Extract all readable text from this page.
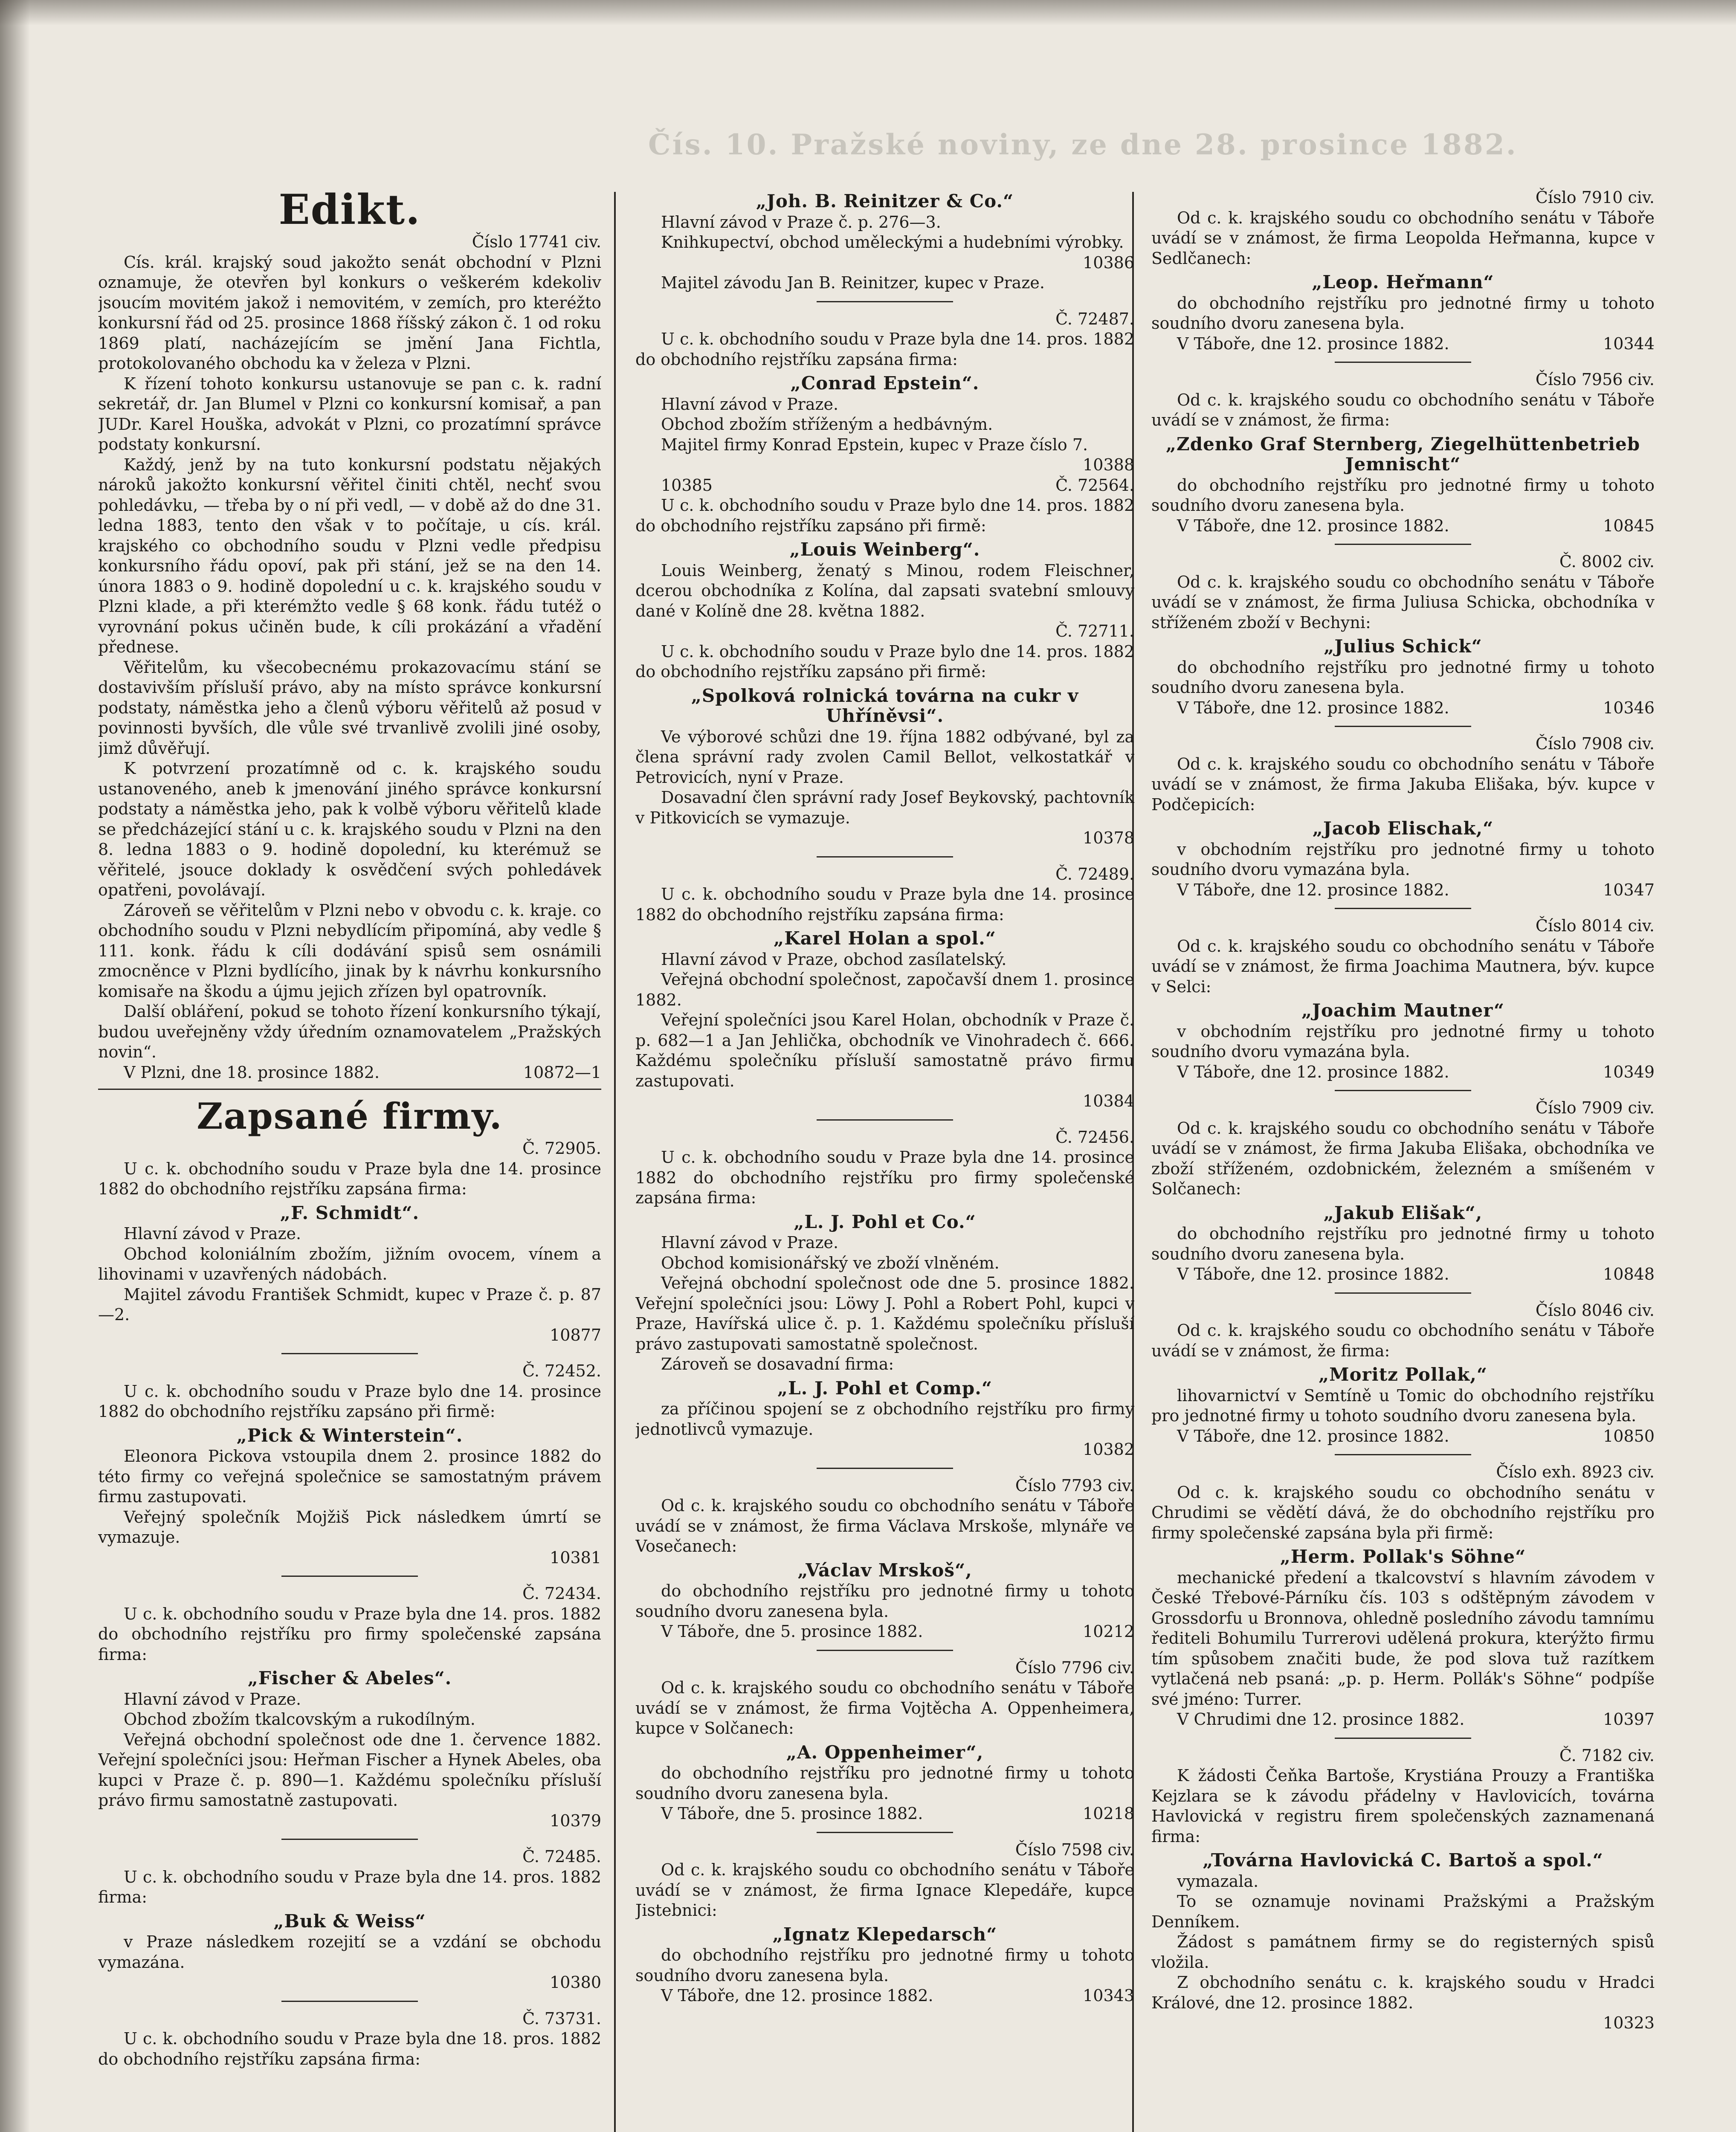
Čís. 10. Pražské noviny, ze dne 28. prosince 1882.

Edikt.

Číslo 17741 civ.

Cís. král. krajský soud jakožto senát obchodní v Plzni oznamuje, že otevřen byl konkurs o veškerém kdekoliv jsoucím movitém jakož i nemovitém, v zemích, pro kteréžto konkursní řád od 25. prosince 1868 říšský zákon č. 1 od roku 1869 platí, nacházejícím se jmění Jana Fichtla, protokolovaného obchodu ka v železa v Plzni.

K řízení tohoto konkursu ustanovuje se pan c. k. radní sekretář, dr. Jan Blumel v Plzni co konkursní komisař, a pan JUDr. Karel Houška, advokát v Plzni, co prozatímní správce podstaty konkursní.

Každý, jenž by na tuto konkursní podstatu nějakých nároků jakožto konkursní věřitel činiti chtěl, nechť svou pohledávku, — třeba by o ní při vedl, — v době až do dne 31. ledna 1883, tento den však v to počítaje, u cís. král. krajského co obchodního soudu v Plzni vedle předpisu konkursního řádu opoví, pak při stání, jež se na den 14. února 1883 o 9. hodině dopolední u c. k. krajského soudu v Plzni klade, a při kterémžto vedle § 68 konk. řádu tutéž o vyrovnání pokus učiněn bude, k cíli prokázání a vřadění přednese.

Věřitelům, ku všecobecnému prokazovacímu stání se dostavivším přísluší právo, aby na místo správce konkursní podstaty, náměstka jeho a členů výboru věřitelů až posud v povinnosti byvších, dle vůle své trvanlivě zvolili jiné osoby, jimž důvěřují.

K potvrzení prozatímně od c. k. krajského soudu ustanoveného, aneb k jmenování jiného správce konkursní podstaty a náměstka jeho, pak k volbě výboru věřitelů klade se předcházející stání u c. k. krajského soudu v Plzni na den 8. ledna 1883 o 9. hodině dopolední, ku kterémuž se věřitelé, jsouce doklady k osvědčení svých pohledávek opatřeni, povolávají.

Zároveň se věřitelům v Plzni nebo v obvodu c. k. kraje. co obchodního soudu v Plzni nebydlícím připomíná, aby vedle § 111. konk. řádu k cíli dodávání spisů sem osnámili zmocněnce v Plzni bydlícího, jinak by k návrhu konkursního komisaře na škodu a újmu jejich zřízen byl opatrovník.

Další obláření, pokud se tohoto řízení konkursního týkají, budou uveřejněny vždy úředním oznamovatelem „Pražských novin“.

V Plzni, dne 18. prosince 1882.	10872—1

Zapsané firmy.

Č. 72905.

U c. k. obchodního soudu v Praze byla dne 14. prosince 1882 do obchodního rejstříku zapsána firma:

„F. Schmidt“.

Hlavní závod v Praze.

Obchod koloniálním zbožím, jižním ovocem, vínem a lihovinami v uzavřených nádobách.

Majitel závodu František Schmidt, kupec v Praze č. p. 87—2.

10877

Č. 72452.

U c. k. obchodního soudu v Praze bylo dne 14. prosince 1882 do obchodního rejstříku zapsáno při firmě:

„Pick & Winterstein“.

Eleonora Pickova vstoupila dnem 2. prosince 1882 do této firmy co veřejná společnice se samostatným právem firmu zastupovati.

Veřejný společník Mojžiš Pick následkem úmrtí se vymazuje.

10381

Č. 72434.

U c. k. obchodního soudu v Praze byla dne 14. pros. 1882 do obchodního rejstříku pro firmy společenské zapsána firma:

„Fischer & Abeles“.

Hlavní závod v Praze.

Obchod zbožím tkalcovským a rukodílným.

Veřejná obchodní společnost ode dne 1. července 1882. Veřejní společníci jsou: Heřman Fischer a Hynek Abeles, oba kupci v Praze č. p. 890—1. Každému společníku přísluší právo firmu samostatně zastupovati.

10379

Č. 72485.

U c. k. obchodního soudu v Praze byla dne 14. pros. 1882 firma:

„Buk & Weiss“

v Praze následkem rozejití se a vzdání se obchodu vymazána.

10380

Č. 73731.

U c. k. obchodního soudu v Praze byla dne 18. pros. 1882 do obchodního rejstříku zapsána firma:

„Joh. B. Reinitzer & Co.“

Hlavní závod v Praze č. p. 276—3.

Knihkupectví, obchod uměleckými a hudebními výrobky.

10386

Majitel závodu Jan B. Reinitzer, kupec v Praze.

Č. 72487.

U c. k. obchodního soudu v Praze byla dne 14. pros. 1882 do obchodního rejstříku zapsána firma:

„Conrad Epstein“.

Hlavní závod v Praze.

Obchod zbožím stříženým a hedbávným.

Majitel firmy Konrad Epstein, kupec v Praze číslo 7.

10388

10385	Č. 72564.

U c. k. obchodního soudu v Praze bylo dne 14. pros. 1882 do obchodního rejstříku zapsáno při firmě:

„Louis Weinberg“.

Louis Weinberg, ženatý s Minou, rodem Fleischner, dcerou obchodníka z Kolína, dal zapsati svatební smlouvy dané v Kolíně dne 28. května 1882.

Č. 72711.

U c. k. obchodního soudu v Praze bylo dne 14. pros. 1882 do obchodního rejstříku zapsáno při firmě:

„Spolková rolnická továrna na cukr v Uhříněvsi“.

Ve výborové schůzi dne 19. října 1882 odbývané, byl za člena správní rady zvolen Camil Bellot, velkostatkář v Petrovicích, nyní v Praze.

Dosavadní člen správní rady Josef Beykovský, pachtovník v Pitkovicích se vymazuje.

10378

Č. 72489.

U c. k. obchodního soudu v Praze byla dne 14. prosince 1882 do obchodního rejstříku zapsána firma:

„Karel Holan a spol.“

Hlavní závod v Praze, obchod zasílatelský.

Veřejná obchodní společnost, započavší dnem 1. prosince 1882.

Veřejní společníci jsou Karel Holan, obchodník v Praze č. p. 682—1 a Jan Jehlička, obchodník ve Vinohradech č. 666. Každému společníku přísluší samostatně právo firmu zastupovati.

10384

Č. 72456.

U c. k. obchodního soudu v Praze byla dne 14. prosince 1882 do obchodního rejstříku pro firmy společenské zapsána firma:

„L. J. Pohl et Co.“

Hlavní závod v Praze.

Obchod komisionářský ve zboží vlněném.

Veřejná obchodní společnost ode dne 5. prosince 1882. Veřejní společníci jsou: Löwy J. Pohl a Robert Pohl, kupci v Praze, Havířská ulice č. p. 1. Každému společníku přísluší právo zastupovati samostatně společnost.

Zároveň se dosavadní firma:

„L. J. Pohl et Comp.“

za příčinou spojení se z obchodního rejstříku pro firmy jednotlivců vymazuje.

10382

Číslo 7793 civ.

Od c. k. krajského soudu co obchodního senátu v Táboře uvádí se v známost, že firma Václava Mrskoše, mlynáře ve Vosečanech:

„Václav Mrskoš“,

do obchodního rejstříku pro jednotné firmy u tohoto soudního dvoru zanesena byla.

V Táboře, dne 5. prosince 1882.	10212

Číslo 7796 civ.

Od c. k. krajského soudu co obchodního senátu v Táboře uvádí se v známost, že firma Vojtěcha A. Oppenheimera, kupce v Solčanech:

„A. Oppenheimer“,

do obchodního rejstříku pro jednotné firmy u tohoto soudního dvoru zanesena byla.

V Táboře, dne 5. prosince 1882.	10218

Číslo 7598 civ.

Od c. k. krajského soudu co obchodního senátu v Táboře uvádí se v známost, že firma Ignace Klepedáře, kupce Jistebnici:

„Ignatz Klepedarsch“

do obchodního rejstříku pro jednotné firmy u tohoto soudního dvoru zanesena byla.

V Táboře, dne 12. prosince 1882.	10343

Číslo 7910 civ.

Od c. k. krajského soudu co obchodního senátu v Táboře uvádí se v známost, že firma Leopolda Heřmanna, kupce v Sedlčanech:

„Leop. Heřmann“

do obchodního rejstříku pro jednotné firmy u tohoto soudního dvoru zanesena byla.

V Táboře, dne 12. prosince 1882.	10344

Číslo 7956 civ.

Od c. k. krajského soudu co obchodního senátu v Táboře uvádí se v známost, že firma:

„Zdenko Graf Sternberg, Ziegelhüttenbetrieb Jemnischt“

do obchodního rejstříku pro jednotné firmy u tohoto soudního dvoru zanesena byla.

V Táboře, dne 12. prosince 1882.	10845

Č. 8002 civ.

Od c. k. krajského soudu co obchodního senátu v Táboře uvádí se v známost, že firma Juliusa Schicka, obchodníka v stříženém zboží v Bechyni:

„Julius Schick“

do obchodního rejstříku pro jednotné firmy u tohoto soudního dvoru zanesena byla.

V Táboře, dne 12. prosince 1882.	10346

Číslo 7908 civ.

Od c. k. krajského soudu co obchodního senátu v Táboře uvádí se v známost, že firma Jakuba Elišaka, býv. kupce v Podčepicích:

„Jacob Elischak,“

v obchodním rejstříku pro jednotné firmy u tohoto soudního dvoru vymazána byla.

V Táboře, dne 12. prosince 1882.	10347

Číslo 8014 civ.

Od c. k. krajského soudu co obchodního senátu v Táboře uvádí se v známost, že firma Joachima Mautnera, býv. kupce v Selci:

„Joachim Mautner“

v obchodním rejstříku pro jednotné firmy u tohoto soudního dvoru vymazána byla.

V Táboře, dne 12. prosince 1882.	10349

Číslo 7909 civ.

Od c. k. krajského soudu co obchodního senátu v Táboře uvádí se v známost, že firma Jakuba Elišaka, obchodníka ve zboží stříženém, ozdobnickém, železném a smíšeném v Solčanech:

„Jakub Elišak“,

do obchodního rejstříku pro jednotné firmy u tohoto soudního dvoru zanesena byla.

V Táboře, dne 12. prosince 1882.	10848

Číslo 8046 civ.

Od c. k. krajského soudu co obchodního senátu v Táboře uvádí se v známost, že firma:

„Moritz Pollak,“

lihovarnictví v Semtíně u Tomic do obchodního rejstříku pro jednotné firmy u tohoto soudního dvoru zanesena byla.

V Táboře, dne 12. prosince 1882.	10850

Číslo exh. 8923 civ.

Od c. k. krajského soudu co obchodního senátu v Chrudimi se vědětí dává, že do obchodního rejstříku pro firmy společenské zapsána byla při firmě:

„Herm. Pollak's Söhne“

mechanické předení a tkalcovství s hlavním závodem v České Třebové-Párníku čís. 103 s odštěpným závodem v Grossdorfu u Bronnova, ohledně posledního závodu tamnímu řediteli Bohumilu Turrerovi udělená prokura, kterýžto firmu tím spůsobem značiti bude, že pod slova tuž razítkem vytlačená neb psaná: „p. p. Herm. Pollák's Söhne“ podpíše své jméno: Turrer.

V Chrudimi dne 12. prosince 1882.	10397

Č. 7182 civ.

K žádosti Čeňka Bartoše, Krystiána Prouzy a Františka Kejzlara se k závodu přádelny v Havlovicích, továrna Havlovická v registru firem společenských zaznamenaná firma:

„Továrna Havlovická C. Bartoš a spol.“

vymazala.

To se oznamuje novinami Pražskými a Pražským Denníkem.

Žádost s památnem firmy se do registerných spisů vložila.

Z obchodního senátu c. k. krajského soudu v Hradci Králové, dne 12. prosince 1882.

10323
